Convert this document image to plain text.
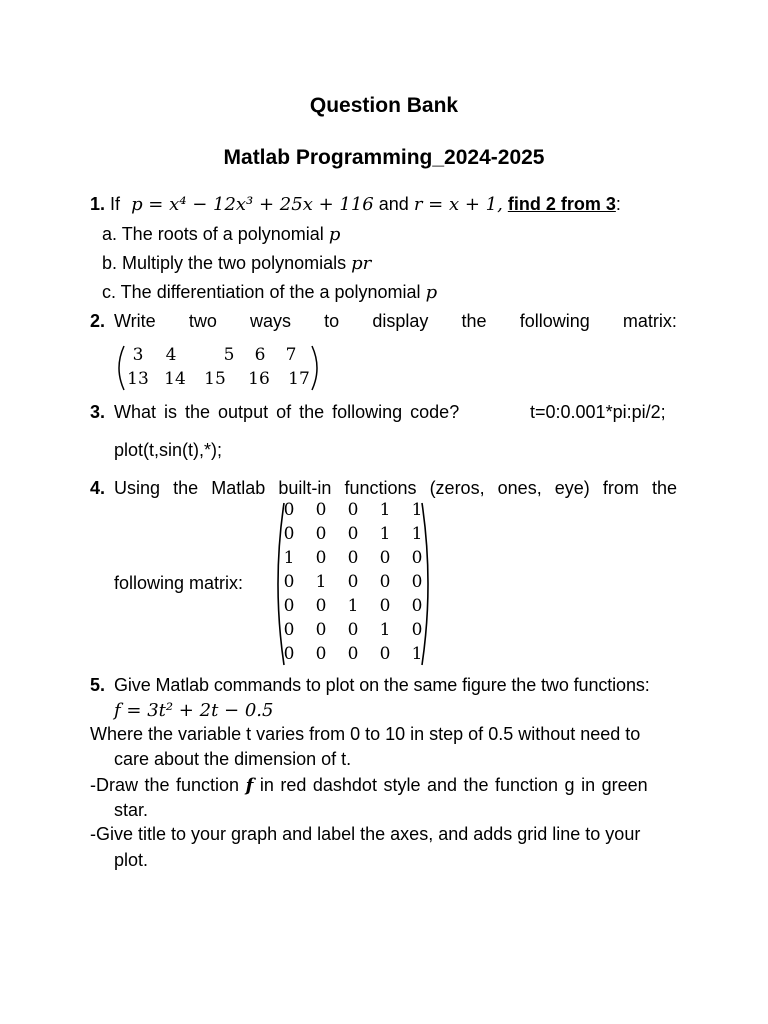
Question Bank
Matlab Programming_2024-2025
1. If p = x⁴ − 12x³ + 25x + 116 and r = x + 1, find 2 from 3:
a. The roots of a polynomial p
b. Multiply the two polynomials pr
c. The differentiation of the a polynomial p
2. Write two ways to display the following matrix:
3	4	5	6	7
13 14 15 16 17
3. What is the output of the following code?	t=0:0.001*pi:pi/2;
plot(t,sin(t),*);
4. Using the Matlab built-in functions (zeros, ones, eye) from the
following matrix:
0	0	0	1	1
0	0	0	1	1
1	0	0	0	0
0	1	0	0	0
0	0	1	0	0
0	0	0	1	0
0	0	0	0	1
5. Give Matlab commands to plot on the same figure the two functions:
f = 3t² + 2t − 0.5
Where the variable t varies from 0 to 10 in step of 0.5 without need to
care about the dimension of t.
-Draw the function f in red dashdot style and the function g in green
star.
-Give title to your graph and label the axes, and adds grid line to your
plot.
